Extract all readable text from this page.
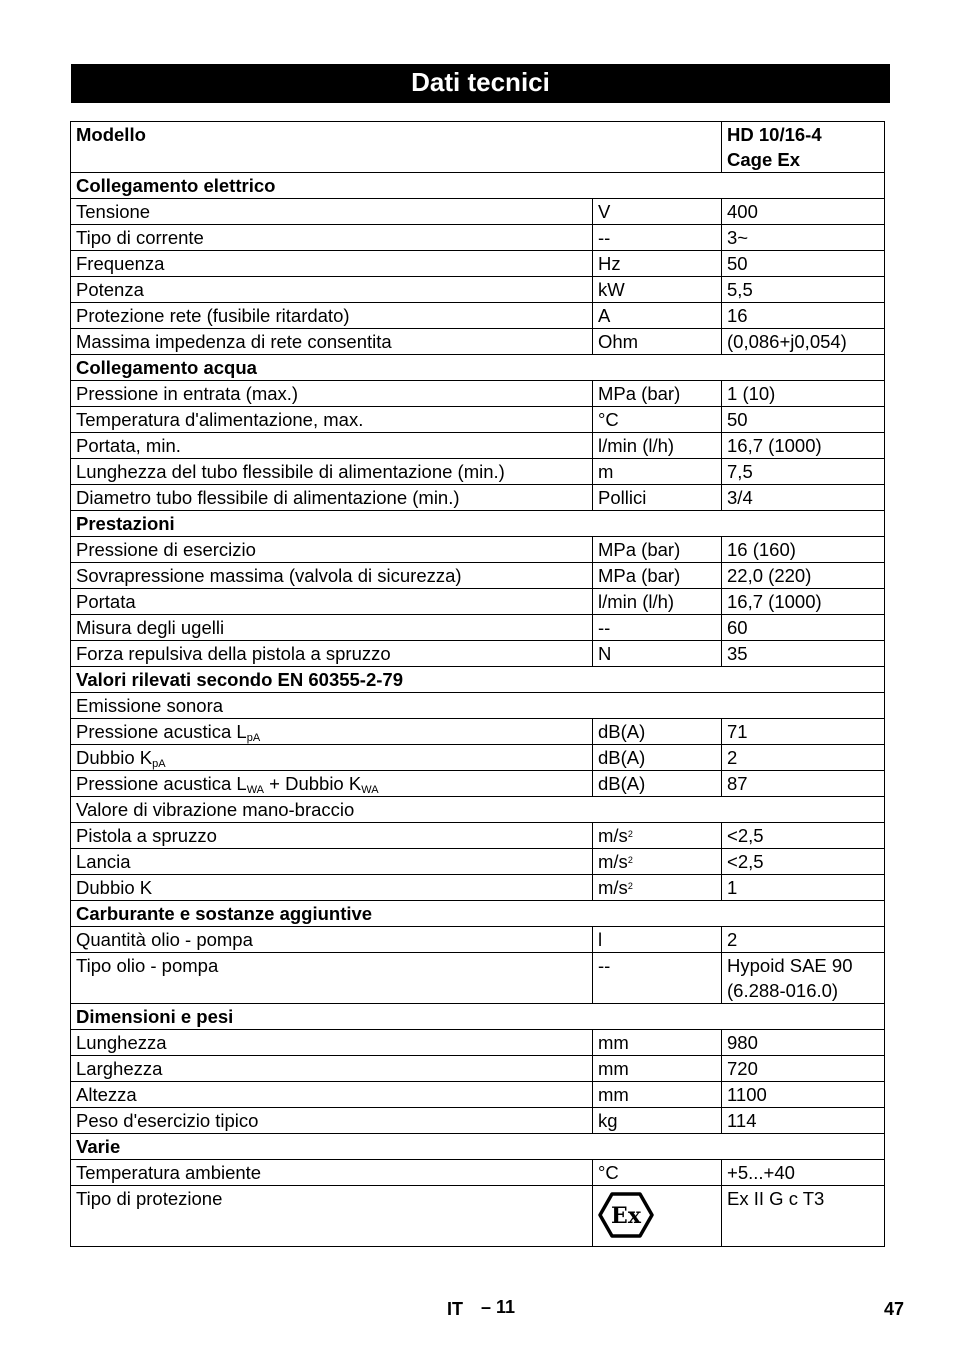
Dati tecnici
Modello		HD 10/16-4
Cage Ex
Collegamento elettrico		
Tensione	V	400
Tipo di corrente	--	3~
Frequenza	Hz	50
Potenza	kW	5,5
Protezione rete (fusibile ritardato)	A	16
Massima impedenza di rete consentita	Ohm	(0,086+j0,054)
Collegamento acqua		
Pressione in entrata (max.)	MPa (bar)	1 (10)
Temperatura d'alimentazione, max.	°C	50
Portata, min.	l/min (l/h)	16,7 (1000)
Lunghezza del tubo flessibile di alimentazione (min.)	m	7,5
Diametro tubo flessibile di alimentazione (min.)	Pollici	3/4
Prestazioni		
Pressione di esercizio	MPa (bar)	16 (160)
Sovrapressione massima (valvola di sicurezza)	MPa (bar)	22,0 (220)
Portata	l/min (l/h)	16,7 (1000)
Misura degli ugelli	--	60
Forza repulsiva della pistola a spruzzo	N	35
Valori rilevati secondo EN 60355-2-79		
Emissione sonora		
Pressione acustica $L_{pA}$	dB(A)	71
Dubbio $K_{pA}$	dB(A)	2
Pressione acustica $L_{WA}$ + Dubbio $K_{WA}$	dB(A)	87
Valore di vibrazione mano-braccio		
Pistola a spruzzo	$m/s^2$	<2,5
Lancia	$m/s^2$	<2,5
Dubbio K	$m/s^2$	1
Carburante e sostanze aggiuntive		
Quantità olio - pompa	l	2
Tipo olio - pompa	--	Hypoid SAE 90
(6.288-016.0)
Dimensioni e pesi		
Lunghezza	mm	980
Larghezza	mm	720
Altezza	mm	1100
Peso d'esercizio tipico	kg	114
Varie		
Temperatura ambiente	°C	+5...+40
Tipo di protezione	Ex	Ex II G c T3
IT – 11	47
